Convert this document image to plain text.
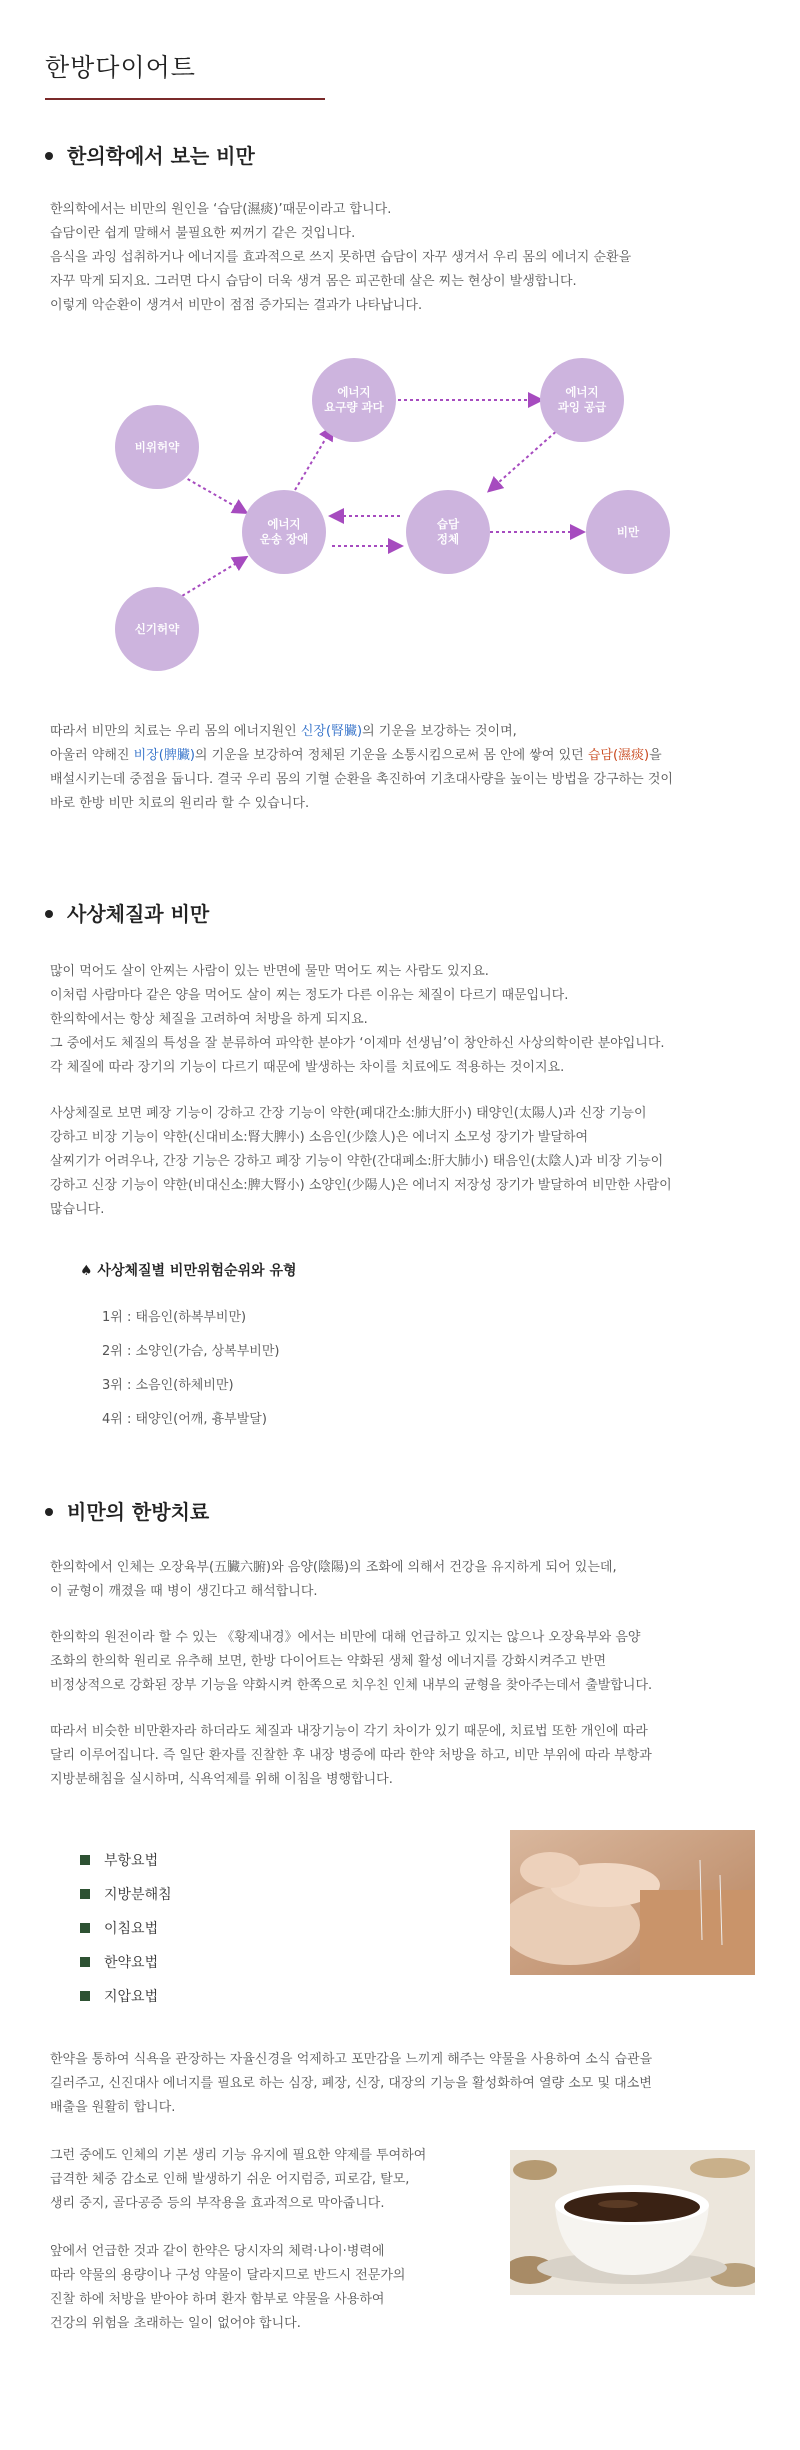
한방다이어트
한의학에서 보는 비만

한의학에서는 비만의 원인을 ‘습담(濕痰)’때문이라고 합니다.

습담이란 쉽게 말해서 불필요한 찌꺼기 같은 것입니다.

음식을 과잉 섭취하거나 에너지를 효과적으로 쓰지 못하면 습담이 자꾸 생겨서 우리 몸의 에너지 순환을

자꾸 막게 되지요. 그러면 다시 습담이 더욱 생겨 몸은 피곤한데 살은 찌는 현상이 발생합니다.

이렇게 악순환이 생겨서 비만이 점점 증가되는 결과가 나타납니다.

비위허약
신기허약
에너지
운송 장애
에너지
요구량 과다
에너지
과잉 공급
습담
정체
비만

따라서 비만의 치료는 우리 몸의 에너지원인 신장(腎臟)의 기운을 보강하는 것이며,

아울러 약해진 비장(脾臟)의 기운을 보강하여 정체된 기운을 소통시킴으로써 몸 안에 쌓여 있던 습담(濕痰)을

배설시키는데 중점을 둡니다. 결국 우리 몸의 기혈 순환을 촉진하여 기초대사량을 높이는 방법을 강구하는 것이

바로 한방 비만 치료의 원리라 할 수 있습니다.

사상체질과 비만

많이 먹어도 살이 안찌는 사람이 있는 반면에 물만 먹어도 찌는 사람도 있지요.

이처럼 사람마다 같은 양을 먹어도 살이 찌는 정도가 다른 이유는 체질이 다르기 때문입니다.

한의학에서는 항상 체질을 고려하여 처방을 하게 되지요.

그 중에서도 체질의 특성을 잘 분류하여 파악한 분야가 ‘이제마 선생님’이 창안하신 사상의학이란 분야입니다.

각 체질에 따라 장기의 기능이 다르기 때문에 발생하는 차이를 치료에도 적용하는 것이지요.

사상체질로 보면 폐장 기능이 강하고 간장 기능이 약한(폐대간소:肺大肝小) 태양인(太陽人)과 신장 기능이

강하고 비장 기능이 약한(신대비소:腎大脾小) 소음인(少陰人)은 에너지 소모성 장기가 발달하여

살찌기가 어려우나, 간장 기능은 강하고 폐장 기능이 약한(간대폐소:肝大肺小) 태음인(太陰人)과 비장 기능이

강하고 신장 기능이 약한(비대신소:脾大腎小) 소양인(少陽人)은 에너지 저장성 장기가 발달하여 비만한 사람이

많습니다.

♠ 사상체질별 비만위험순위와 유형
1위 : 태음인(하복부비만)
2위 : 소양인(가슴, 상복부비만)
3위 : 소음인(하체비만)
4위 : 태양인(어깨, 흉부발달)
비만의 한방치료

한의학에서 인체는 오장육부(五臟六腑)와 음양(陰陽)의 조화에 의해서 건강을 유지하게 되어 있는데,

이 균형이 깨졌을 때 병이 생긴다고 해석합니다.

한의학의 원전이라 할 수 있는 《황제내경》에서는 비만에 대해 언급하고 있지는 않으나 오장육부와 음양

조화의 한의학 원리로 유추해 보면, 한방 다이어트는 약화된 생체 활성 에너지를 강화시켜주고 반면

비정상적으로 강화된 장부 기능을 약화시켜 한쪽으로 치우친 인체 내부의 균형을 찾아주는데서 출발합니다.

따라서 비슷한 비만환자라 하더라도 체질과 내장기능이 각기 차이가 있기 때문에, 치료법 또한 개인에 따라

달리 이루어집니다. 즉 일단 환자를 진찰한 후 내장 병증에 따라 한약 처방을 하고, 비만 부위에 따라 부항과

지방분해침을 실시하며, 식욕억제를 위해 이침을 병행합니다.

부항요법
지방분해침
이침요법
한약요법
지압요법

한약을 통하여 식욕을 관장하는 자율신경을 억제하고 포만감을 느끼게 해주는 약물을 사용하여 소식 습관을

길러주고, 신진대사 에너지를 필요로 하는 심장, 폐장, 신장, 대장의 기능을 활성화하여 열량 소모 및 대소변

배출을 원활히 합니다.

그런 중에도 인체의 기본 생리 기능 유지에 필요한 약제를 투여하여

급격한 체중 감소로 인해 발생하기 쉬운 어지럼증, 피로감, 탈모,

생리 중지, 골다공증 등의 부작용을 효과적으로 막아줍니다.

앞에서 언급한 것과 같이 한약은 당시자의 체력·나이·병력에

따라 약물의 용량이나 구성 약물이 달라지므로 반드시 전문가의

진찰 하에 처방을 받아야 하며 환자 함부로 약물을 사용하여

건강의 위험을 초래하는 일이 없어야 합니다.
